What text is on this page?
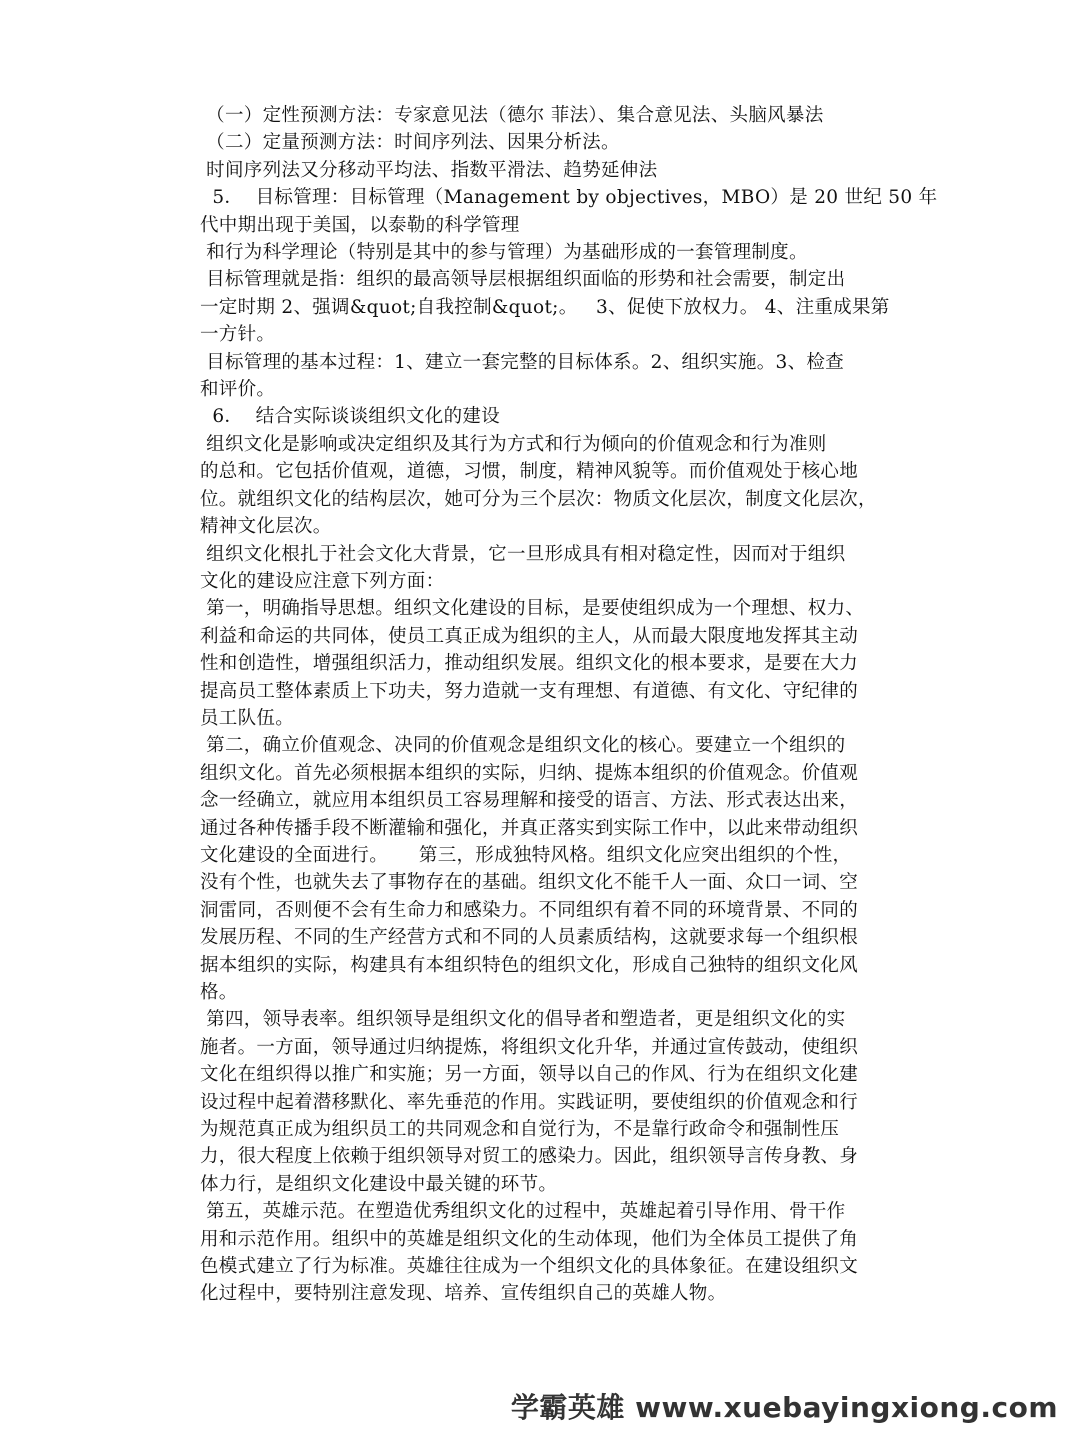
（一）定性预测方法：专家意见法（德尔 菲法）、集合意见法、头脑风暴法
（二）定量预测方法：时间序列法、因果分析法。
时间序列法又分移动平均法、指数平滑法、趋势延伸法
5．  目标管理：目标管理（Management by objectives，MBO）是 20 世纪 50 年
代中期出现于美国，以泰勒的科学管理
和行为科学理论（特别是其中的参与管理）为基础形成的一套管理制度。
目标管理就是指：组织的最高领导层根据组织面临的形势和社会需要，制定出
一定时期 2、强调&quot;自我控制&quot;。   3、促使下放权力。 4、注重成果第
一方针。
目标管理的基本过程：1、建立一套完整的目标体系。2、组织实施。3、检查
和评价。
6．  结合实际谈谈组织文化的建设
组织文化是影响或决定组织及其行为方式和行为倾向的价值观念和行为准则
的总和。它包括价值观，道德，习惯，制度，精神风貌等。而价值观处于核心地
位。就组织文化的结构层次，她可分为三个层次：物质文化层次，制度文化层次，
精神文化层次。
组织文化根扎于社会文化大背景，它一旦形成具有相对稳定性，因而对于组织
文化的建设应注意下列方面：
第一，明确指导思想。组织文化建设的目标，是要使组织成为一个理想、权力、
利益和命运的共同体，使员工真正成为组织的主人，从而最大限度地发挥其主动
性和创造性，增强组织活力，推动组织发展。组织文化的根本要求，是要在大力
提高员工整体素质上下功夫，努力造就一支有理想、有道德、有文化、守纪律的
员工队伍。
第二，确立价值观念、决同的价值观念是组织文化的核心。要建立一个组织的
组织文化。首先必须根据本组织的实际，归纳、提炼本组织的价值观念。价值观
念一经确立，就应用本组织员工容易理解和接受的语言、方法、形式表达出来，
通过各种传播手段不断灌输和强化，并真正落实到实际工作中，以此来带动组织
文化建设的全面进行。     第三，形成独特风格。组织文化应突出组织的个性，
没有个性，也就失去了事物存在的基础。组织文化不能千人一面、众口一词、空
洞雷同，否则便不会有生命力和感染力。不同组织有着不同的环境背景、不同的
发展历程、不同的生产经营方式和不同的人员素质结构，这就要求每一个组织根
据本组织的实际，构建具有本组织特色的组织文化，形成自己独特的组织文化风
格。
第四，领导表率。组织领导是组织文化的倡导者和塑造者，更是组织文化的实
施者。一方面，领导通过归纳提炼，将组织文化升华，并通过宣传鼓动，使组织
文化在组织得以推广和实施；另一方面，领导以自己的作风、行为在组织文化建
设过程中起着潜移默化、率先垂范的作用。实践证明，要使组织的价值观念和行
为规范真正成为组织员工的共同观念和自觉行为，不是靠行政命令和强制性压
力，很大程度上依赖于组织领导对贸工的感染力。因此，组织领导言传身教、身
体力行，是组织文化建设中最关键的环节。
第五，英雄示范。在塑造优秀组织文化的过程中，英雄起着引导作用、骨干作
用和示范作用。组织中的英雄是组织文化的生动体现，他们为全体员工提供了角
色模式建立了行为标准。英雄往往成为一个组织文化的具体象征。在建设组织文
化过程中，要特别注意发现、培养、宣传组织自己的英雄人物。
学霸英雄 www.xuebayingxiong.com
